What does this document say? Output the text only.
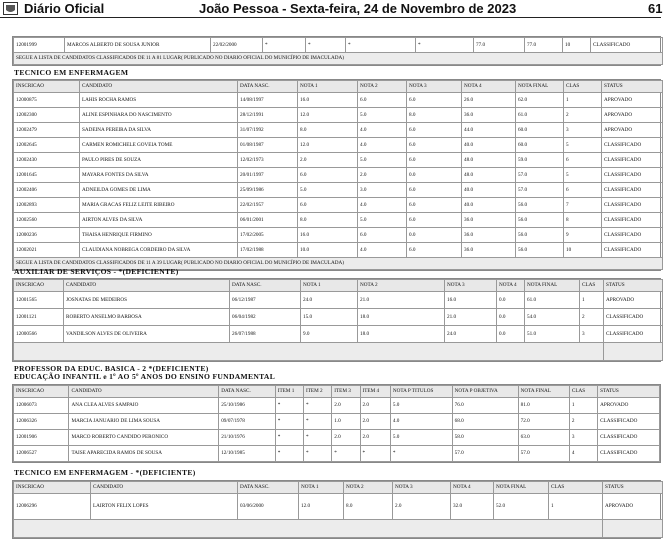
Diário Oficial	João Pessoa - Sexta-feira, 24 de Novembro de 2023	61
12001999	MARCOS ALBERTO DE SOUSA JUNIOR	22/02/2000	*	*	*	*	77.0	77.0	10	CLASSIFICADO
SEGUE A LISTA DE CANDIDATOS CLASSIFICADOS DE 11 A 81 LUGAR( PUBLICADO NO DIARIO OFICIAL DO MUNICÍPIO DE IMACULADA)
TECNICO EM ENFERMAGEM
INSCRICAO	CANDIDATO	DATA NASC.	NOTA 1	NOTA 2	NOTA 3	NOTA 4	NOTA FINAL	CLAS	STATUS
12000875	LAHIS ROCHA RAMOS	14/08/1997	16.0	6.0	6.0	26.0	62.0	1	APROVADO
12002300	ALINE ESPINHARA DO NASCIMENTO	28/12/1991	12.0	5.0	8.0	36.0	61.0	2	APROVADO
12002479	SADEINA PEREIRA DA SILVA	31/07/1992	8.0	4.0	6.0	44.0	60.0	3	APROVADO
12002645	CARMEN ROMICHELE GOVEIA TOME	01/08/1987	12.0	4.0	6.0	40.0	60.0	5	CLASSIFICADO
12002430	PAULO PIRES DE SOUZA	12/02/1973	2.0	5.0	6.0	48.0	59.0	6	CLASSIFICADO
12001645	MAYARA FONTES DA SILVA	20/01/1997	6.0	2.0	0.0	48.0	57.0	5	CLASSIFICADO
12002406	ADNEILDA GOMES DE LIMA	25/09/1986	5.0	3.0	6.0	40.0	57.0	6	CLASSIFICADO
12002893	MARIA GRACAS FELIZ LEITE RIBEIRO	22/02/1957	6.0	4.0	6.0	40.0	56.0	7	CLASSIFICADO
12002560	AIRTON ALVES DA SILVA	06/01/2001	8.0	5.0	6.0	36.0	56.0	8	CLASSIFICADO
12000236	THAISA HENRIQUE FIRMINO	17/02/2005	16.0	6.0	0.0	36.0	56.0	9	CLASSIFICADO
12002021	CLAUDIANA NOBREGA CORDEIRO DA SILVA	17/02/1988	10.0	4.0	6.0	36.0	56.0	10	CLASSIFICADO
SEGUE A LISTA DE CANDIDATOS CLASSIFICADOS DE 11 A 39 LUGAR( PUBLICADO NO DIARIO OFICIAL DO MUNICÍPIO DE IMACULADA)									
AUXILIAR DE SERVIÇOS - *(DEFICIENTE)
INSCRICAO	CANDIDATO	DATA NASC.	NOTA 1	NOTA 2	NOTA 3	NOTA 4	NOTA FINAL	CLAS	STATUS
12001565	JOSNATAS DE MEDEIROS	06/12/1987	24.0	21.0	16.0	0.0	61.0	1	APROVADO
12001121	ROBERTO ANSELMO BARBOSA	06/04/1982	15.0	18.0	21.0	0.0	54.0	2	CLASSIFICADO
12000566	VANDILSON ALVES DE OLIVEIRA	26/07/1988	9.0	18.0	24.0	0.0	51.0	3	CLASSIFICADO

PROFESSOR DA EDUC. BASICA - 2 *(DEFICIENTE)
EDUCAÇÃO INFANTIL e 1º AO 5º ANOS DO ENSINO FUNDAMENTAL
INSCRICAO	CANDIDATO	DATA NASC.	ITEM 1	ITEM 2	ITEM 3	ITEM 4	NOTA P TITULOS	NOTA P OBJETIVA	NOTA FINAL	CLAS	STATUS
12006073	ANA CLEA ALVES SAMPAIO	25/10/1986	*	*	2.0	2.0	5.0	76.0	81.0	1	APROVADO
12006326	MARCIA JANUARIO DE LIMA SOUSA	09/07/1978	*	*	1.0	2.0	4.0	68.0	72.0	2	CLASSIFICADO
12001906	MARCO ROBERTO CANDIDO PERONICO	21/10/1976	*	*	2.0	2.0	5.0	58.0	63.0	3	CLASSIFICADO
12006527	TAISE APARECIDA RAMOS DE SOUSA	12/10/1985	*	*	*	*	*	57.0	57.0	4	CLASSIFICADO
TECNICO EM ENFERMAGEM - *(DEFICIENTE)
INSCRICAO	CANDIDATO	DATA NASC.	NOTA 1	NOTA 2	NOTA 3	NOTA 4	NOTA FINAL	CLAS	STATUS
12006296	LAIRTON FELIX LOPES	03/06/2000	12.0	8.0	2.0	32.0	52.0	1	APROVADO
